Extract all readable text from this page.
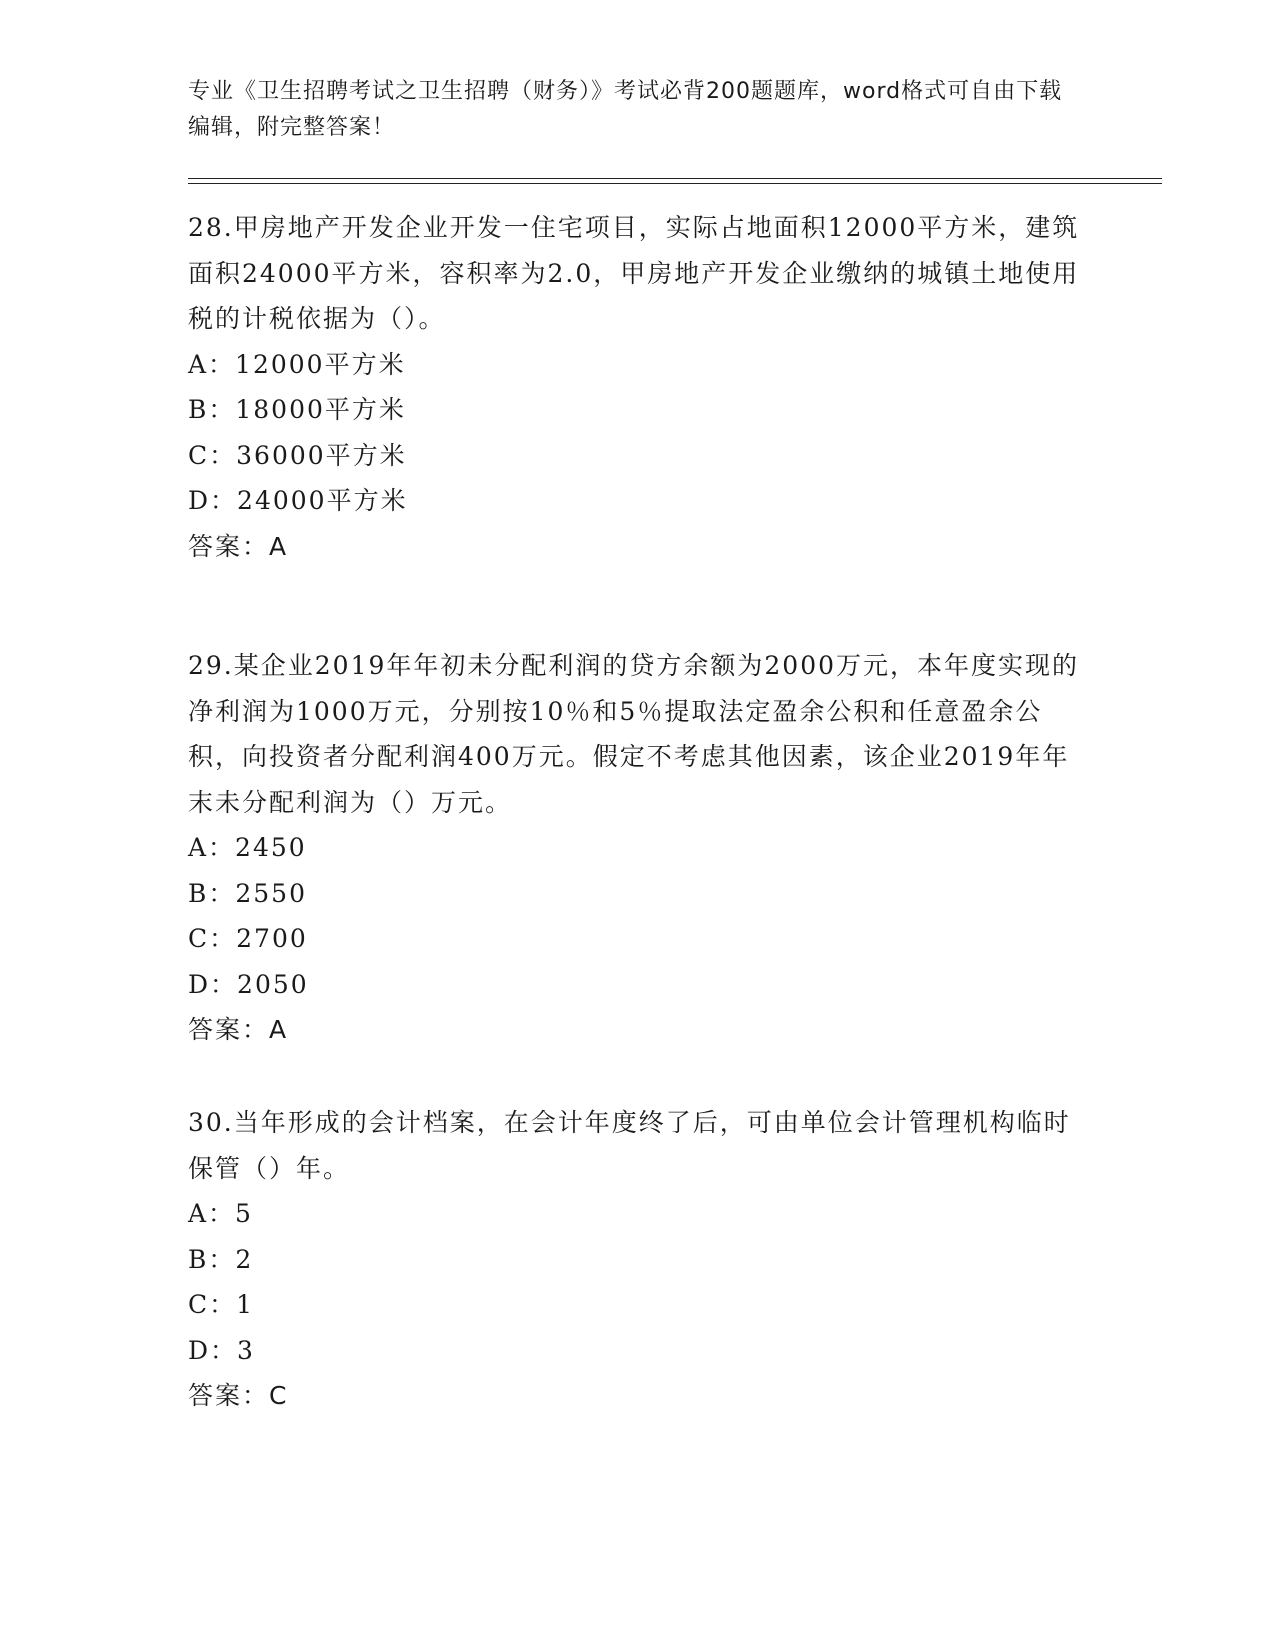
专业《卫生招聘考试之卫生招聘（财务）》考试必背200题题库，word格式可自由下载编辑，附完整答案！
28.甲房地产开发企业开发一住宅项目，实际占地面积12000平方米，建筑面积24000平方米，容积率为2.0，甲房地产开发企业缴纳的城镇土地使用税的计税依据为（）。
A：12000平方米
B：18000平方米
C：36000平方米
D：24000平方米
答案：A
29.某企业2019年年初未分配利润的贷方余额为2000万元，本年度实现的净利润为1000万元，分别按10％和5％提取法定盈余公积和任意盈余公积，向投资者分配利润400万元。假定不考虑其他因素，该企业2019年年末未分配利润为（）万元。
A：2450
B：2550
C：2700
D：2050
答案：A
30.当年形成的会计档案，在会计年度终了后，可由单位会计管理机构临时保管（）年。
A：5
B：2
C：1
D：3
答案：C
